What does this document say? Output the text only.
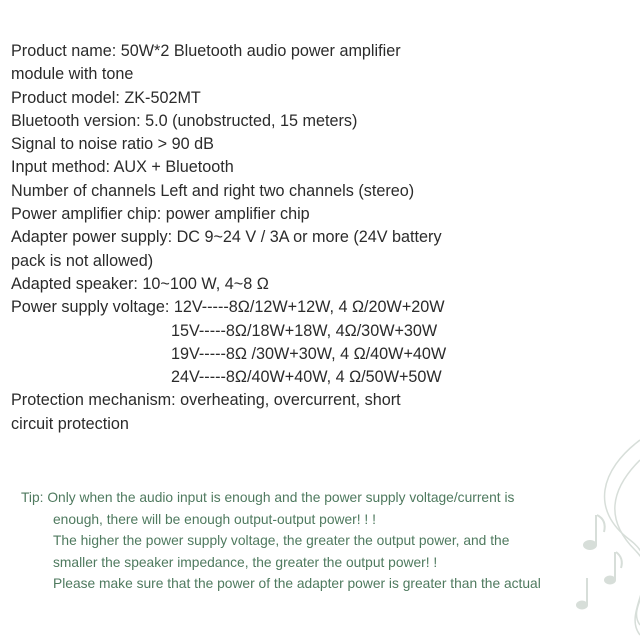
Product name: 50W*2 Bluetooth audio power amplifier
module with tone
Product model: ZK-502MT
Bluetooth version: 5.0 (unobstructed, 15 meters)
Signal to noise ratio > 90 dB
Input method: AUX + Bluetooth
Number of channels Left and right two channels (stereo)
Power amplifier chip: power amplifier chip
Adapter power supply: DC 9~24 V / 3A or more (24V battery
pack is not allowed)
Adapted speaker: 10~100 W, 4~8 Ω
Power supply voltage: 12V-----8Ω/12W+12W, 4 Ω/20W+20W
15V-----8Ω/18W+18W, 4Ω/30W+30W
19V-----8Ω /30W+30W, 4 Ω/40W+40W
24V-----8Ω/40W+40W, 4 Ω/50W+50W
Protection mechanism: overheating, overcurrent, short
circuit protection
Tip: Only when the audio input is enough and the power supply voltage/current is
enough, there will be enough output-output power! ! !
The higher the power supply voltage, the greater the output power, and the
smaller the speaker impedance, the greater the output power! !
Please make sure that the power of the adapter power is greater than the actual
